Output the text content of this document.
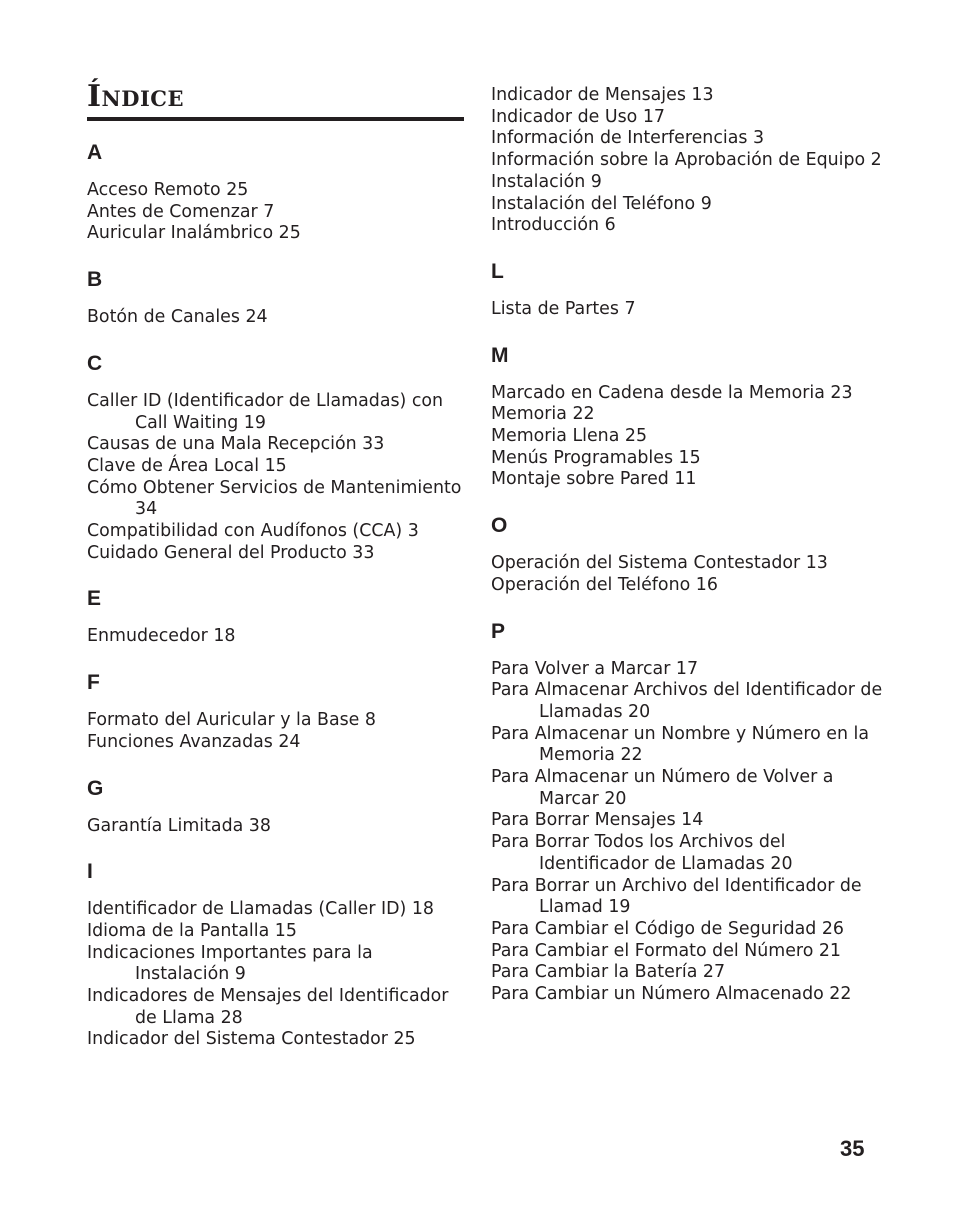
Índice
A
Acceso Remoto 25
Antes de Comenzar 7
Auricular Inalámbrico 25
B
Botón de Canales 24
C
Caller ID (Identificador de Llamadas) con Call Waiting 19
Causas de una Mala Recepción 33
Clave de Área Local 15
Cómo Obtener Servicios de Mantenimiento 34
Compatibilidad con Audífonos (CCA) 3
Cuidado General del Producto 33
E
Enmudecedor 18
F
Formato del Auricular y la Base 8
Funciones Avanzadas 24
G
Garantía Limitada 38
I
Identificador de Llamadas (Caller ID) 18
Idioma de la Pantalla 15
Indicaciones Importantes para la Instalación 9
Indicadores de Mensajes del Identificador de Llama 28
Indicador del Sistema Contestador 25
Indicador de Mensajes 13
Indicador de Uso 17
Información de Interferencias 3
Información sobre la Aprobación de Equipo 2
Instalación 9
Instalación del Teléfono 9
Introducción 6
L
Lista de Partes 7
M
Marcado en Cadena desde la Memoria 23
Memoria 22
Memoria Llena 25
Menús Programables 15
Montaje sobre Pared 11
O
Operación del Sistema Contestador 13
Operación del Teléfono 16
P
Para Volver a Marcar 17
Para Almacenar Archivos del Identificador de Llamadas 20
Para Almacenar un Nombre y Número en la Memoria 22
Para Almacenar un Número de Volver a Marcar 20
Para Borrar Mensajes 14
Para Borrar Todos los Archivos del Identificador de Llamadas 20
Para Borrar un Archivo del Identificador de Llamad 19
Para Cambiar el Código de Seguridad 26
Para Cambiar el Formato del Número 21
Para Cambiar la Batería 27
Para Cambiar un Número Almacenado 22
35
